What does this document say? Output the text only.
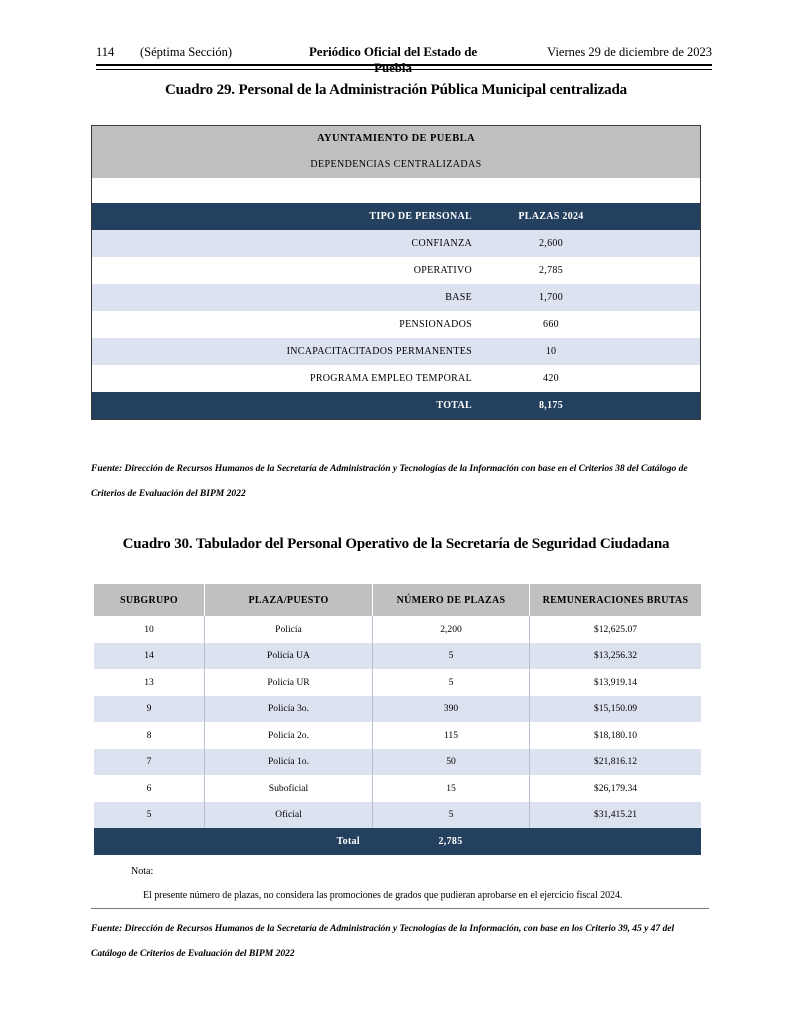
114	(Séptima Sección)	Periódico Oficial del Estado de Puebla
Viernes 29 de diciembre de 2023
Cuadro 29. Personal de la Administración Pública Municipal centralizada
AYUNTAMIENTO DE PUEBLA
DEPENDENCIAS CENTRALIZADAS
TIPO DE PERSONAL	PLAZAS 2024
CONFIANZA	2,600
OPERATIVO	2,785
BASE	1,700
PENSIONADOS	660
INCAPACITACITADOS PERMANENTES	10
PROGRAMA EMPLEO TEMPORAL	420
TOTAL	8,175
Fuente: Dirección de Recursos Humanos de la Secretaría de Administración y Tecnologías de la Información con base en el Criterios 38 del Catálogo de Criterios de Evaluación del BIPM 2022
Cuadro 30. Tabulador del Personal Operativo de la Secretaría de Seguridad Ciudadana
SUBGRUPO	PLAZA/PUESTO	NÚMERO DE PLAZAS	REMUNERACIONES BRUTAS
10	Policía	2,200	$12,625.07
14	Policía UA	5	$13,256.32
13	Policía UR	5	$13,919.14
9	Policía 3o.	390	$15,150.09
8	Policía 2o.	115	$18,180.10
7	Policía 1o.	50	$21,816.12
6	Suboficial	15	$26,179.34
5	Oficial	5	$31,415.21
Total	2,785
Nota:
El presente número de plazas, no considera las promociones de grados que pudieran aprobarse en el ejercicio fiscal 2024.
Fuente: Dirección de Recursos Humanos de la Secretaría de Administración y Tecnologías de la Información, con base en los Criterio 39, 45 y 47 del Catálogo de Criterios de Evaluación del BIPM 2022
